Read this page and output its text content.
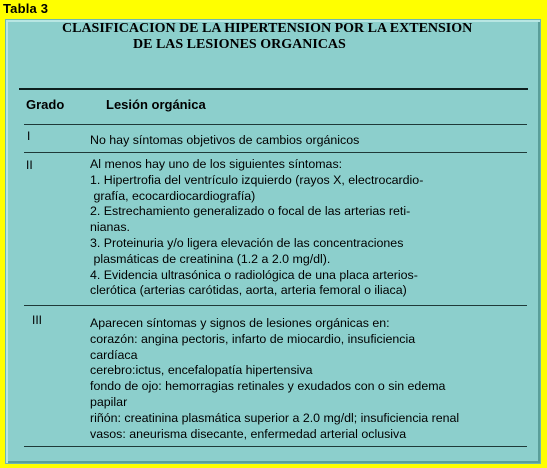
Tabla 3
CLASIFICACION DE LA HIPERTENSION POR LA EXTENSION
DE LAS LESIONES ORGANICAS
Grado	Lesión orgánica
I	No hay síntomas objetivos de cambios orgánicos
II	Al menos hay uno de los siguientes síntomas:
1. Hipertrofia del ventrículo izquierdo (rayos X, electrocardio-
grafía, ecocardiocardiografía)
2. Estrechamiento generalizado o focal de las arterias reti-
nianas.
3. Proteinuria y/o ligera elevación de las concentraciones
plasmáticas de creatinina (1.2 a 2.0 mg/dl).
4. Evidencia ultrasónica o radiológica de una placa arterios-
clerótica (arterias carótidas, aorta, arteria femoral o iliaca)
III	Aparecen síntomas y signos de lesiones orgánicas en:
corazón: angina pectoris, infarto de miocardio, insuficiencia
cardíaca
cerebro:ictus, encefalopatía hipertensiva
fondo de ojo: hemorragias retinales y exudados con o sin edema
papilar
riñón: creatinina plasmática superior a 2.0 mg/dl; insuficiencia renal
vasos: aneurisma disecante, enfermedad arterial oclusiva
